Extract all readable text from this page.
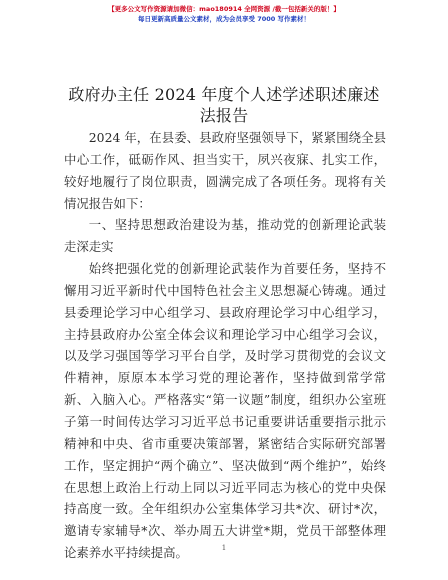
【更多公文写作资源请加微信：mao180914 全网资源 /截一包括新关的版！】
每日更新高质量公文素材，成为会员享受 7000 写作素材！
政府办主任 2024 年度个人述学述职述廉述法报告

2024 年，在县委、县政府坚强领导下，紧紧围绕全县中心工作，砥砺作风、担当实干，夙兴夜寐、扎实工作，较好地履行了岗位职责，圆满完成了各项任务。现将有关情况报告如下：

一、坚持思想政治建设为基，推动党的创新理论武装走深走实

始终把强化党的创新理论武装作为首要任务，坚持不懈用习近平新时代中国特色社会主义思想凝心铸魂。通过县委理论学习中心组学习、县政府理论学习中心组学习，主持县政府办公室全体会议和理论学习中心组学习会议，以及学习强国等学习平台自学，及时学习贯彻党的会议文件精神，原原本本学习党的理论著作，坚持做到常学常新、入脑入心。严格落实“第一议题”制度，组织办公室班子第一时间传达学习习近平总书记重要讲话重要指示批示精神和中央、省市重要决策部署，紧密结合实际研究部署工作，坚定拥护“两个确立”、坚决做到“两个维护”，始终在思想上政治上行动上同以习近平同志为核心的党中央保持高度一致。全年组织办公室集体学习共*次、研讨*次，邀请专家辅导*次、举办周五大讲堂*期，党员干部整体理论素养水平持续提高。	1
